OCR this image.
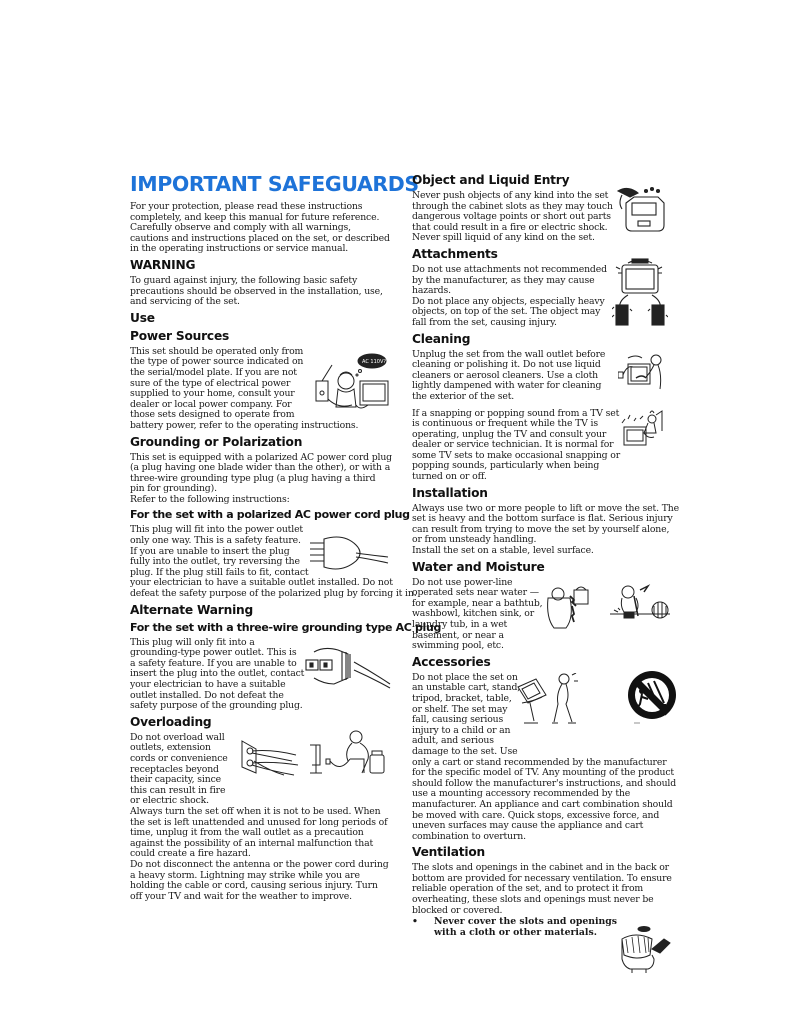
IMPORTANT SAFEGUARDS

For your protection, please read these instructions completely, and keep this manual for future reference. Carefully observe and comply with all warnings, cautions and instructions placed on the set, or described in the operating instructions or service manual.

WARNING

To guard against injury, the following basic safety precautions should be observed in the installation, use, and servicing of the set.

Use
Power Sources
This set should be operated only from
the type of power source indicated on
the serial/model plate. If you are not
sure of the type of electrical power
supplied to your home, consult your
dealer or local power company. For
those sets designed to operate from
battery power, refer to the operating instructions.
AC 110V?
Grounding or Polarization

This set is equipped with a polarized AC power cord plug (a plug having one blade wider than the other), or with a three-wire grounding type plug (a plug having a third pin for grounding).

Refer to the following instructions:

For the set with a polarized AC power cord plug
This plug will fit into the power outlet
only one way. This is a safety feature.
If you are unable to insert the plug
fully into the outlet, try reversing the
plug. If the plug still fails to fit, contact
your electrician to have a suitable outlet installed. Do not
defeat the safety purpose of the polarized plug by forcing it in.
Alternate Warning
For the set with a three-wire grounding type AC plug
This plug will only fit into a
grounding-type power outlet. This is
a safety feature. If you are unable to
insert the plug into the outlet, contact
your electrician to have a suitable
outlet installed. Do not defeat the
safety purpose of the grounding plug.
Overloading
Do not overload wall
outlets, extension
cords or convenience
receptacles beyond
their capacity, since
this can result in fire
or electric shock.

Always turn the set off when it is not to be used. When the set is left unattended and unused for long periods of time, unplug it from the wall outlet as a precaution against the possibility of an internal malfunction that could create a fire hazard.

Do not disconnect the antenna or the power cord during a heavy storm. Lightning may strike while you are holding the cable or cord, causing serious injury. Turn off your TV and wait for the weather to improve.

Object and Liquid Entry
Never push objects of any kind into the set
through the cabinet slots as they may touch
dangerous voltage points or short out parts
that could result in a fire or electric shock.
Never spill liquid of any kind on the set.
Attachments
Do not use attachments not recommended
by the manufacturer, as they may cause
hazards.
Do not place any objects, especially heavy
objects, on top of the set. The object may
fall from the set, causing injury.
Cleaning
Unplug the set from the wall outlet before
cleaning or polishing it. Do not use liquid
cleaners or aerosol cleaners. Use a cloth
lightly dampened with water for cleaning
the exterior of the set.
If a snapping or popping sound from a TV set
is continuous or frequent while the TV is
operating, unplug the TV and consult your
dealer or service technician. It is normal for
some TV sets to make occasional snapping or
popping sounds, particularly when being
turned on or off.
Installation

Always use two or more people to lift or move the set. The set is heavy and the bottom surface is flat. Serious injury can result from trying to move the set by yourself alone, or from unsteady handling.

Install the set on a stable, level surface.

Water and Moisture
Do not use power-line
operated sets near water —
for example, near a bathtub,
washbowl, kitchen sink, or
laundry tub, in a wet
basement, or near a
swimming pool, etc.
Accessories
Do not place the set on
an unstable cart, stand,
tripod, bracket, table,
or shelf. The set may
fall, causing serious
injury to a child or an
adult, and serious
damage to the set. Use

only a cart or stand recommended by the manufacturer for the specific model of TV. Any mounting of the product should follow the manufacturer's instructions, and should use a mounting accessory recommended by the manufacturer. An appliance and cart combination should be moved with care. Quick stops, excessive force, and uneven surfaces may cause the appliance and cart combination to overturn.

Ventilation

The slots and openings in the cabinet and in the back or bottom are provided for necessary ventilation. To ensure reliable operation of the set, and to protect it from overheating, these slots and openings must never be blocked or covered.

•	Never cover the slots and openings
with a cloth or other materials.
